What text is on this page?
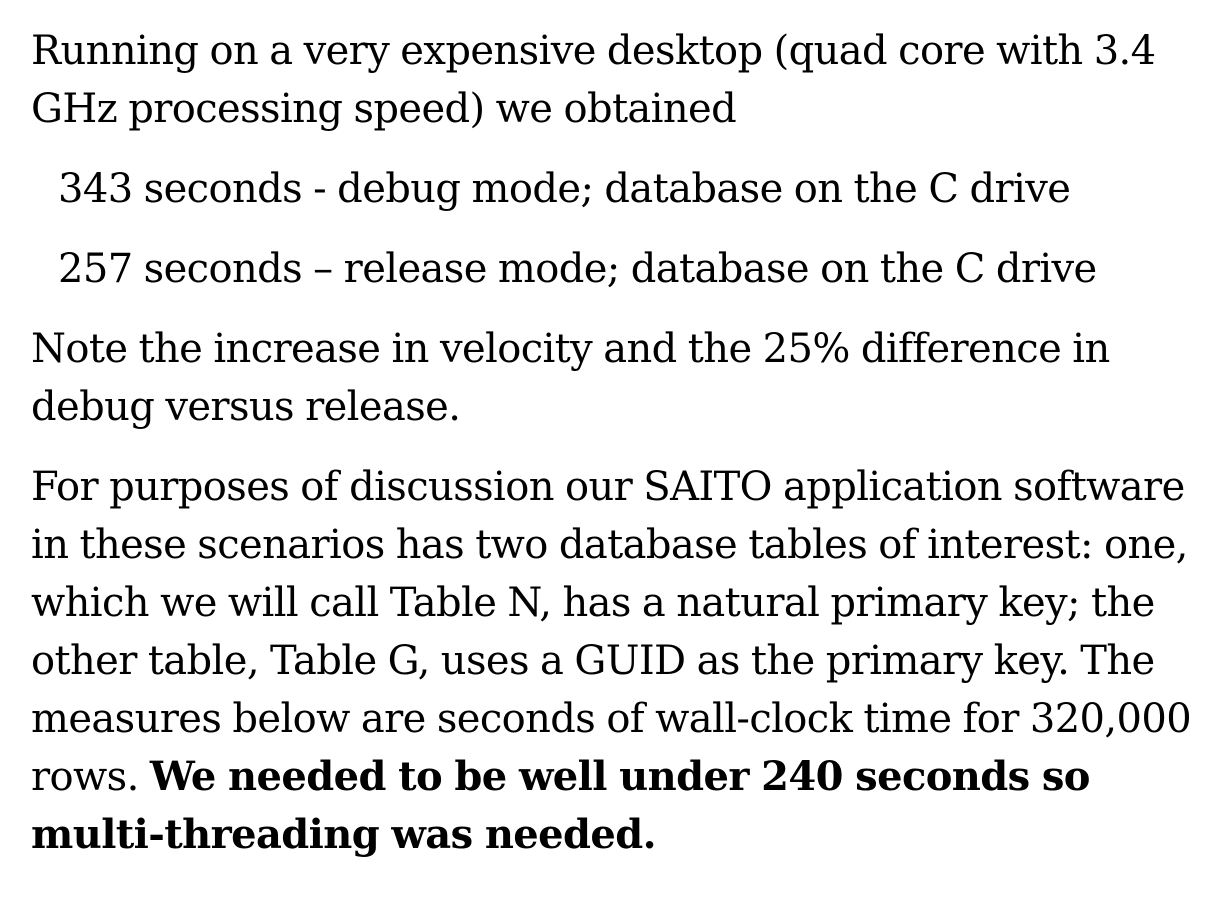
Running on a very expensive desktop (quad core with 3.4 GHz processing speed) we obtained

343 seconds - debug mode; database on the C drive

257 seconds – release mode; database on the C drive

Note the increase in velocity and the 25% difference in debug versus release.

For purposes of discussion our SAITO application software in these scenarios has two database tables of interest: one, which we will call Table N, has a natural primary key; the other table, Table G, uses a GUID as the primary key. The measures below are seconds of wall-clock time for 320,000 rows. We needed to be well under 240 seconds so multi-threading was needed.
